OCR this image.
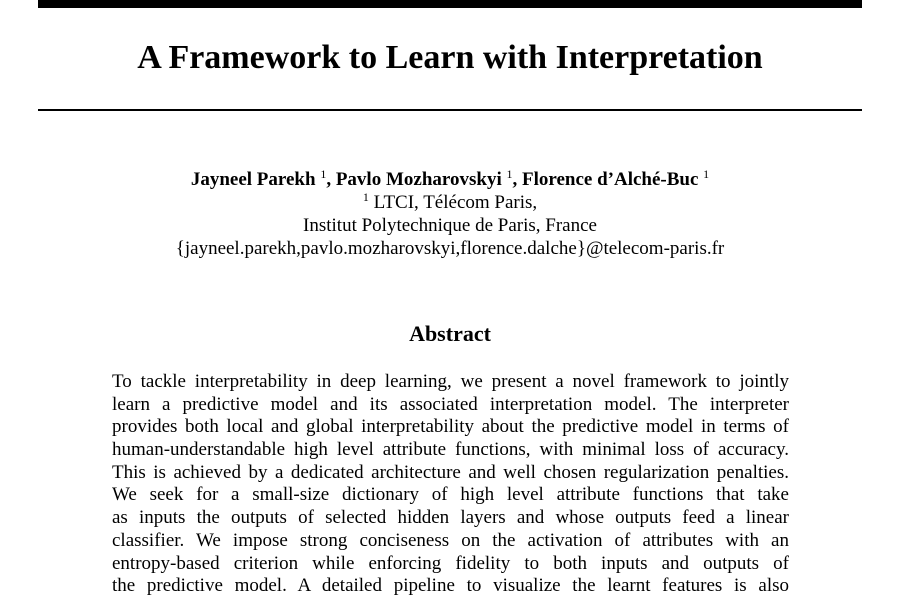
A Framework to Learn with Interpretation
Jayneel Parekh $^1$, Pavlo Mozharovskyi $^1$, Florence d’Alché-Buc $^1$
$^1$ LTCI, Télécom Paris,
Institut Polytechnique de Paris, France
{jayneel.parekh,pavlo.mozharovskyi,florence.dalche}@telecom-paris.fr
Abstract
To tackle interpretability in deep learning, we present a novel framework to jointly
learn a predictive model and its associated interpretation model. The interpreter
provides both local and global interpretability about the predictive model in terms of
human-understandable high level attribute functions, with minimal loss of accuracy.
This is achieved by a dedicated architecture and well chosen regularization penalties.
We seek for a small-size dictionary of high level attribute functions that take
as inputs the outputs of selected hidden layers and whose outputs feed a linear
classifier. We impose strong conciseness on the activation of attributes with an
entropy-based criterion while enforcing fidelity to both inputs and outputs of
the predictive model. A detailed pipeline to visualize the learnt features is also
